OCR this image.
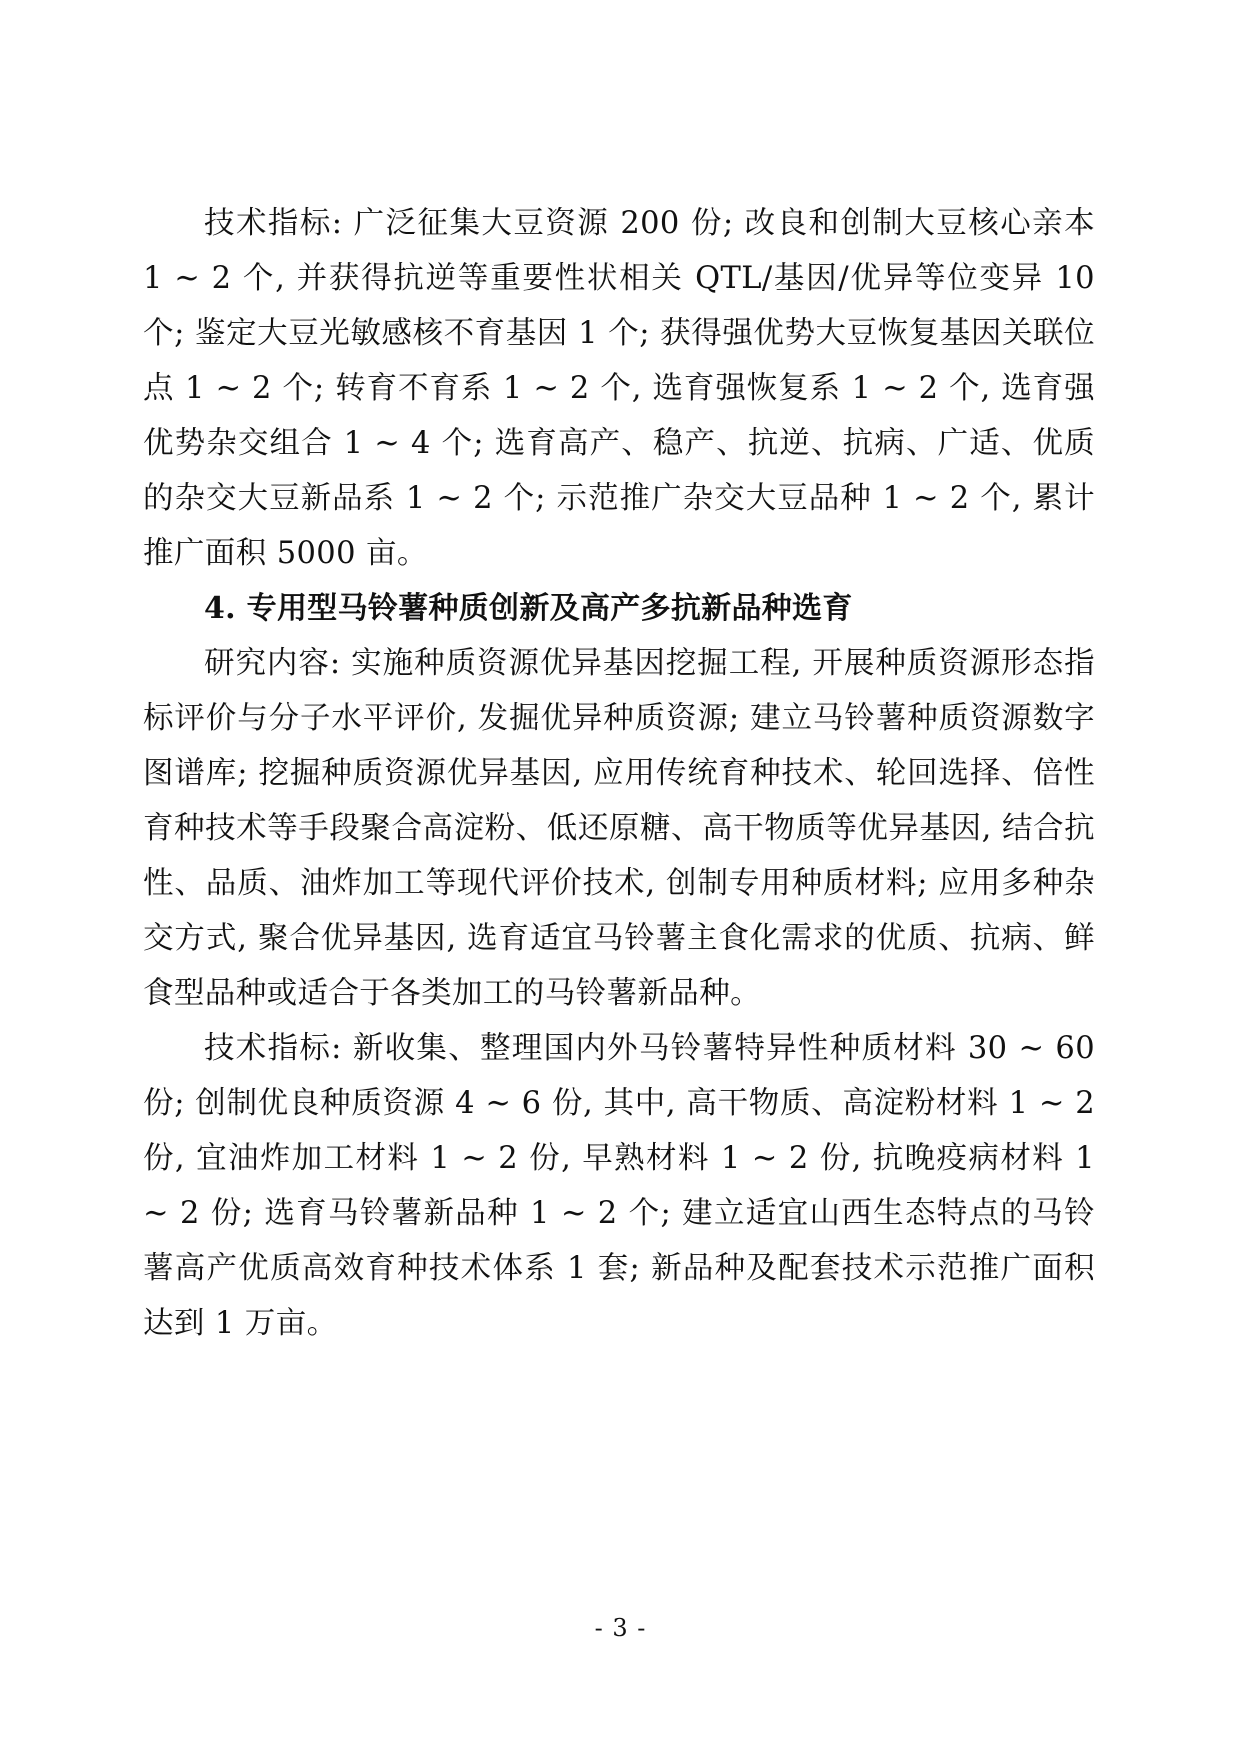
技术指标: 广泛征集大豆资源 200 份; 改良和创制大豆核心亲本 1 ~ 2 个, 并获得抗逆等重要性状相关 QTL/基因/优异等位变异 10 个; 鉴定大豆光敏感核不育基因 1 个; 获得强优势大豆恢复基因关联位点 1 ~ 2 个; 转育不育系 1 ~ 2 个, 选育强恢复系 1 ~ 2 个, 选育强优势杂交组合 1 ~ 4 个; 选育高产、稳产、抗逆、抗病、广适、优质的杂交大豆新品系 1 ~ 2 个; 示范推广杂交大豆品种 1 ~ 2 个, 累计推广面积 5000 亩。

4. 专用型马铃薯种质创新及高产多抗新品种选育

研究内容: 实施种质资源优异基因挖掘工程, 开展种质资源形态指标评价与分子水平评价, 发掘优异种质资源; 建立马铃薯种质资源数字图谱库; 挖掘种质资源优异基因, 应用传统育种技术、轮回选择、倍性育种技术等手段聚合高淀粉、低还原糖、高干物质等优异基因, 结合抗性、品质、油炸加工等现代评价技术, 创制专用种质材料; 应用多种杂交方式, 聚合优异基因, 选育适宜马铃薯主食化需求的优质、抗病、鲜食型品种或适合于各类加工的马铃薯新品种。

技术指标: 新收集、整理国内外马铃薯特异性种质材料 30 ~ 60 份; 创制优良种质资源 4 ~ 6 份, 其中, 高干物质、高淀粉材料 1 ~ 2 份, 宜油炸加工材料 1 ~ 2 份, 早熟材料 1 ~ 2 份, 抗晚疫病材料 1 ~ 2 份; 选育马铃薯新品种 1 ~ 2 个; 建立适宜山西生态特点的马铃薯高产优质高效育种技术体系 1 套; 新品种及配套技术示范推广面积达到 1 万亩。

- 3 -
